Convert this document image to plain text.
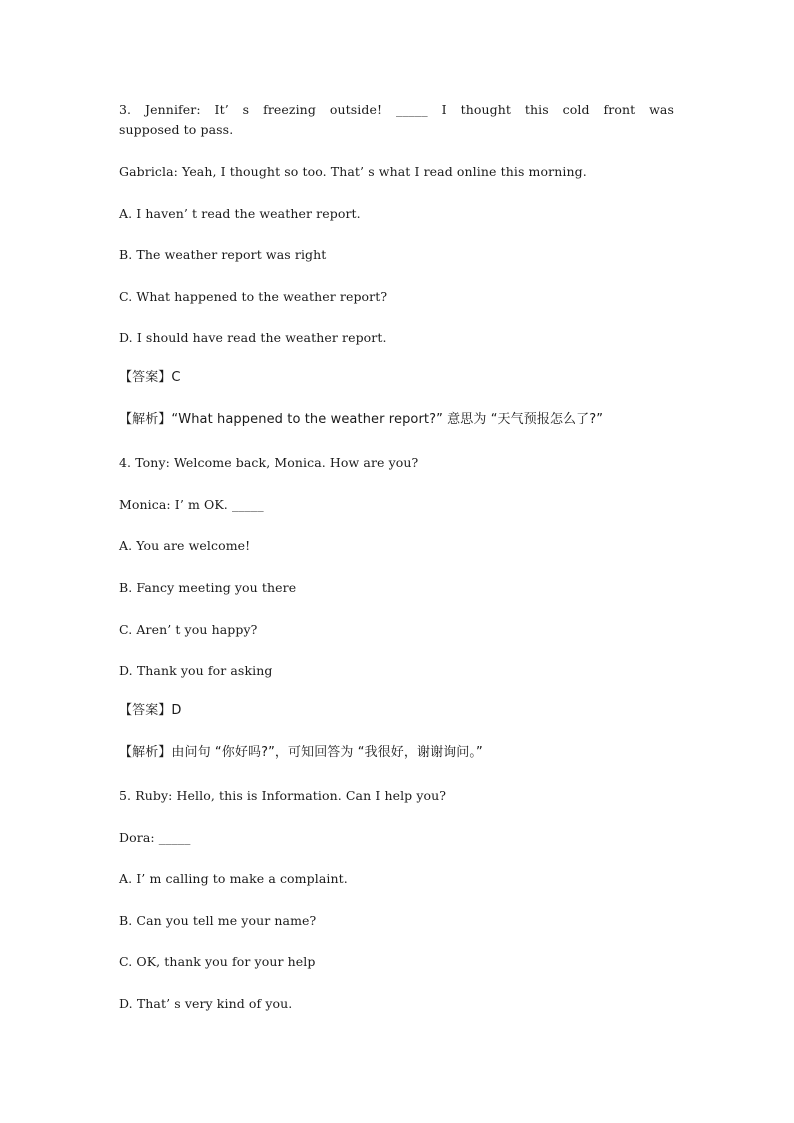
3. Jennifer: It’ s freezing outside! _____ I thought this cold front was
supposed to pass.
Gabricla: Yeah, I thought so too. That’ s what I read online this morning.
A. I haven’ t read the weather report.
B. The weather report was right
C. What happened to the weather report?
D. I should have read the weather report.
【答案】C
【解析】“What happened to the weather report?” 意思为 “天气预报怎么了?”
4. Tony: Welcome back, Monica. How are you?
Monica: I’ m OK. _____
A. You are welcome!
B. Fancy meeting you there
C. Aren’ t you happy?
D. Thank you for asking
【答案】D
【解析】由问句 “你好吗?”，可知回答为 “我很好，谢谢询问。”
5. Ruby: Hello, this is Information. Can I help you?
Dora: _____
A. I’ m calling to make a complaint.
B. Can you tell me your name?
C. OK, thank you for your help
D. That’ s very kind of you.
